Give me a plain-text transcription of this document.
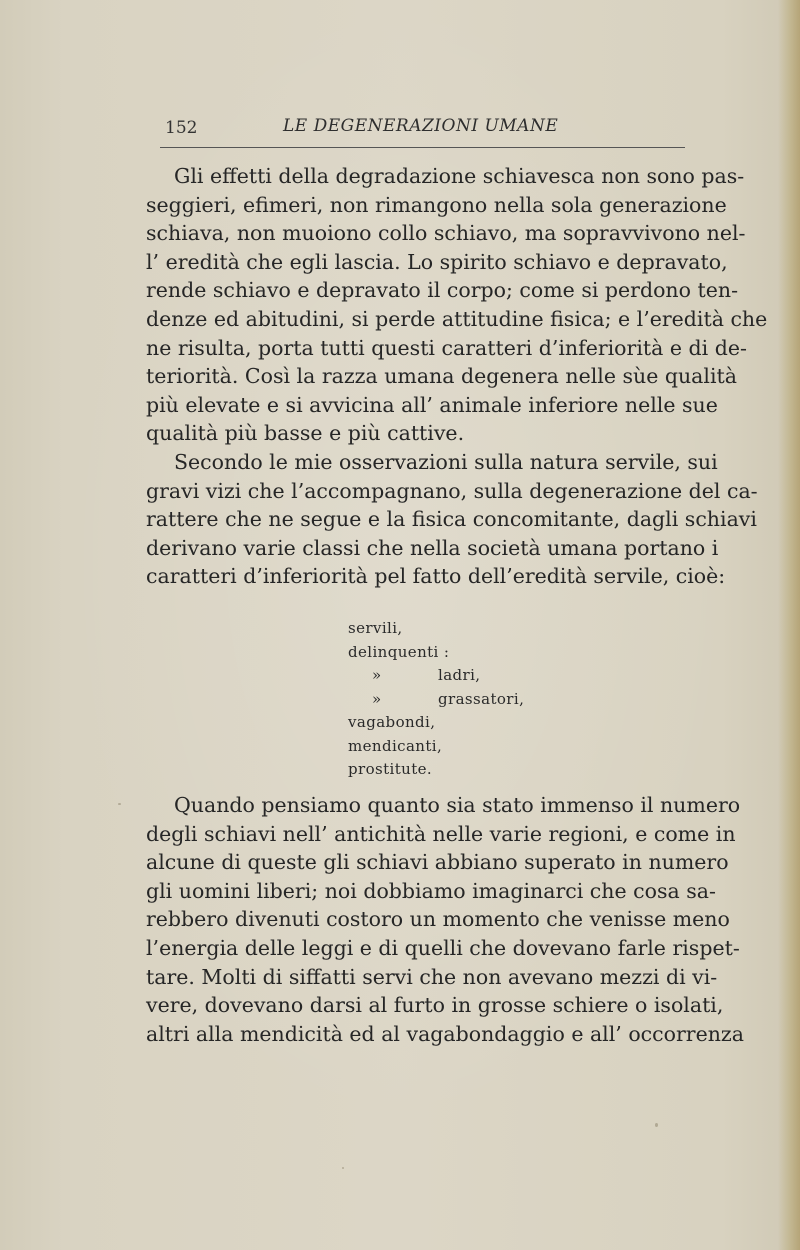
152	LE DEGENERAZIONI UMANE

Gli effetti della degradazione schiavesca non sono pas-
seggieri, efimeri, non rimangono nella sola generazione
schiava, non muoiono collo schiavo, ma sopravvivono nel-
l’ eredità che egli lascia. Lo spirito schiavo e depravato,
rende schiavo e depravato il corpo; come si perdono ten-
denze ed abitudini, si perde attitudine fisica; e l’eredità che
ne risulta, porta tutti questi caratteri d’inferiorità e di de-
teriorità. Così la razza umana degenera nelle sùe qualità
più elevate e si avvicina all’ animale inferiore nelle sue
qualità più basse e più cattive.

Secondo le mie osservazioni sulla natura servile, sui
gravi vizi che l’accompagnano, sulla degenerazione del ca-
rattere che ne segue e la fisica concomitante, dagli schiavi
derivano varie classi che nella società umana portano i
caratteri d’inferiorità pel fatto dell’eredità servile, cioè:

servili,
delinquenti :
»	ladri,
»	grassatori,
vagabondi,
mendicanti,
prostitute.

Quando pensiamo quanto sia stato immenso il numero
degli schiavi nell’ antichità nelle varie regioni, e come in
alcune di queste gli schiavi abbiano superato in numero
gli uomini liberi; noi dobbiamo imaginarci che cosa sa-
rebbero divenuti costoro un momento che venisse meno
l’energia delle leggi e di quelli che dovevano farle rispet-
tare. Molti di siffatti servi che non avevano mezzi di vi-
vere, dovevano darsi al furto in grosse schiere o isolati,
altri alla mendicità ed al vagabondaggio e all’ occorrenza
